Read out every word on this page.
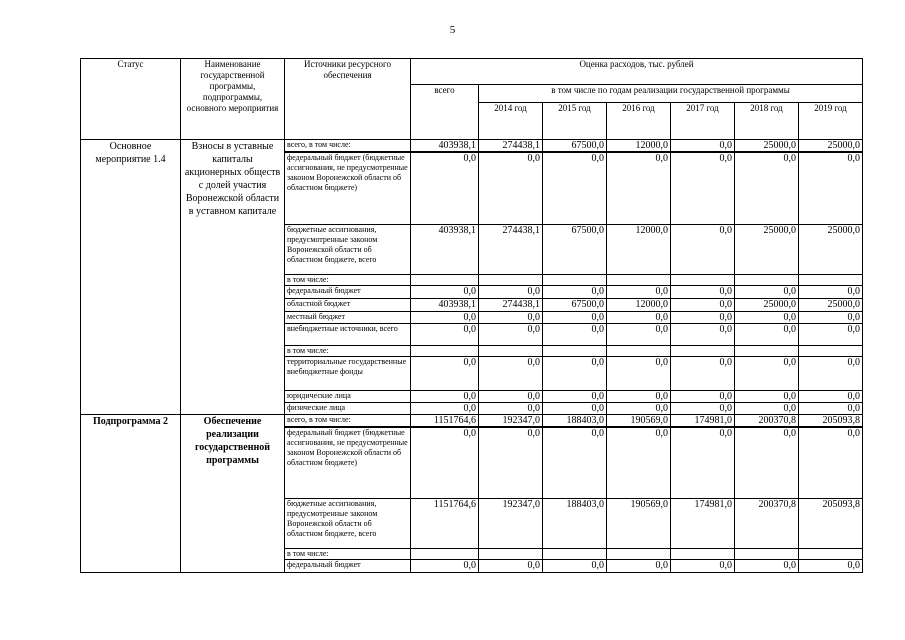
5
Статус	Наименование государственной программы, подпрограммы, основного мероприятия	Источники ресурсного обеспечения	Оценка расходов, тыс. рублей						
			всего	в том числе по годам реализации государственной программы					
				2014 год	2015 год	2016 год	2017 год	2018 год	2019 год
Основное мероприятие 1.4	Взносы в уставные капиталы акционерных обществ с долей участия Воронежской области в уставном капитале	всего, в том числе:	403938,1	274438,1	67500,0	12000,0	0,0	25000,0	25000,0
		федеральный бюджет (бюджетные ассигнования, не предусмотренные законом Воронежской области об областном бюджете)	0,0	0,0	0,0	0,0	0,0	0,0	0,0
		бюджетные ассигнования, предусмотренные законом Воронежской области об областном бюджете, всего	403938,1	274438,1	67500,0	12000,0	0,0	25000,0	25000,0
		в том числе:							
		федеральный бюджет	0,0	0,0	0,0	0,0	0,0	0,0	0,0
		областной бюджет	403938,1	274438,1	67500,0	12000,0	0,0	25000,0	25000,0
		местный бюджет	0,0	0,0	0,0	0,0	0,0	0,0	0,0
		внебюджетные источники, всего	0,0	0,0	0,0	0,0	0,0	0,0	0,0
		в том числе:							
		территориальные государственные внебюджетные фонды	0,0	0,0	0,0	0,0	0,0	0,0	0,0
		юридические лица	0,0	0,0	0,0	0,0	0,0	0,0	0,0
		физические лица	0,0	0,0	0,0	0,0	0,0	0,0	0,0
Подпрограмма 2	Обеспечение реализации государственной программы	всего, в том числе:	1151764,6	192347,0	188403,0	190569,0	174981,0	200370,8	205093,8
		федеральный бюджет (бюджетные ассигнования, не предусмотренные законом Воронежской области об областном бюджете)	0,0	0,0	0,0	0,0	0,0	0,0	0,0
		бюджетные ассигнования, предусмотренные законом Воронежской области об областном бюджете, всего	1151764,6	192347,0	188403,0	190569,0	174981,0	200370,8	205093,8
		в том числе:							
		федеральный бюджет	0,0	0,0	0,0	0,0	0,0	0,0	0,0
